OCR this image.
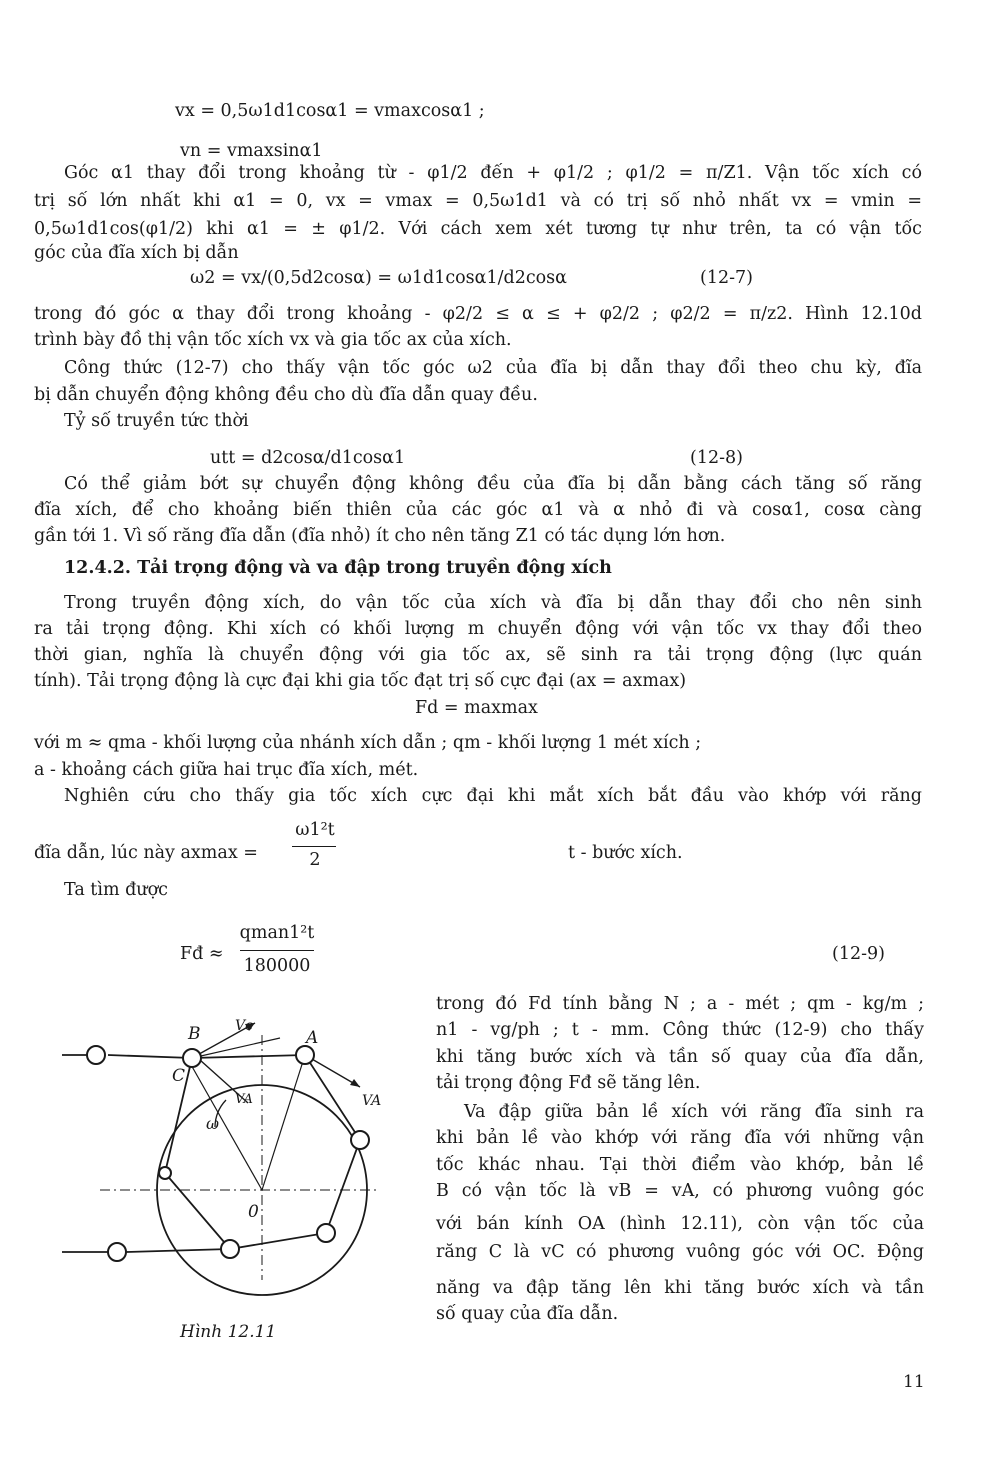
vx = 0,5ω1d1cosα1 = vmaxcosα1 ;
vn = vmaxsinα1
Góc α1 thay đổi trong khoảng từ - φ1/2 đến + φ1/2 ; φ1/2 = π/Z1. Vận tốc xích có
trị số lớn nhất khi α1 = 0, vx = vmax = 0,5ω1d1 và có trị số nhỏ nhất vx = vmin =
0,5ω1d1cos(φ1/2) khi α1 = ± φ1/2. Với cách xem xét tương tự như trên, ta có vận tốc
góc của đĩa xích bị dẫn
ω2 = vx/(0,5d2cosα) = ω1d1cosα1/d2cosα	(12-7)
trong đó góc α thay đổi trong khoảng - φ2/2 ≤ α ≤ + φ2/2 ; φ2/2 = π/z2. Hình 12.10d
trình bày đồ thị vận tốc xích vx và gia tốc ax của xích.
Công thức (12-7) cho thấy vận tốc góc ω2 của đĩa bị dẫn thay đổi theo chu kỳ, đĩa
bị dẫn chuyển động không đều cho dù đĩa dẫn quay đều.
Tỷ số truyền tức thời
utt = d2cosα/d1cosα1	(12-8)
Có thể giảm bớt sự chuyển động không đều của đĩa bị dẫn bằng cách tăng số răng
đĩa xích, để cho khoảng biến thiên của các góc α1 và α nhỏ đi và cosα1, cosα càng
gần tới 1. Vì số răng đĩa dẫn (đĩa nhỏ) ít cho nên tăng Z1 có tác dụng lớn hơn.
12.4.2. Tải trọng động và va đập trong truyền động xích
Trong truyền động xích, do vận tốc của xích và đĩa bị dẫn thay đổi cho nên sinh
ra tải trọng động. Khi xích có khối lượng m chuyển động với vận tốc vx thay đổi theo
thời gian, nghĩa là chuyển động với gia tốc ax, sẽ sinh ra tải trọng động (lực quán
tính). Tải trọng động là cực đại khi gia tốc đạt trị số cực đại (ax = axmax)
Fd = maxmax
với m ≈ qma - khối lượng của nhánh xích dẫn ; qm - khối lượng 1 mét xích ;
a - khoảng cách giữa hai trục đĩa xích, mét.
Nghiên cứu cho thấy gia tốc xích cực đại khi mắt xích bắt đầu vào khớp với răng
đĩa dẫn, lúc này axmax =
ω1²t
2	t - bước xích.
Ta tìm được
Fđ ≈
qman1²t
180000
(12-9)
trong đó Fd tính bằng N ; a - mét ; qm - kg/m ;
n1 - vg/ph ; t - mm. Công thức (12-9) cho thấy
khi tăng bước xích và tần số quay của đĩa dẫn,
tải trọng động Fđ sẽ tăng lên.
Va đập giữa bản lề xích với răng đĩa sinh ra
khi bản lề vào khớp với răng đĩa với những vận
tốc khác nhau. Tại thời điểm vào khớp, bản lề
B có vận tốc là vB = vA, có phương vuông góc
với bán kính OA (hình 12.11), còn vận tốc của
răng C là vC có phương vuông góc với OC. Động
năng va đập tăng lên khi tăng bước xích và tần
số quay của đĩa dẫn.
B	A
C
0
Vc
VA	VA
ω
Hình 12.11
11
